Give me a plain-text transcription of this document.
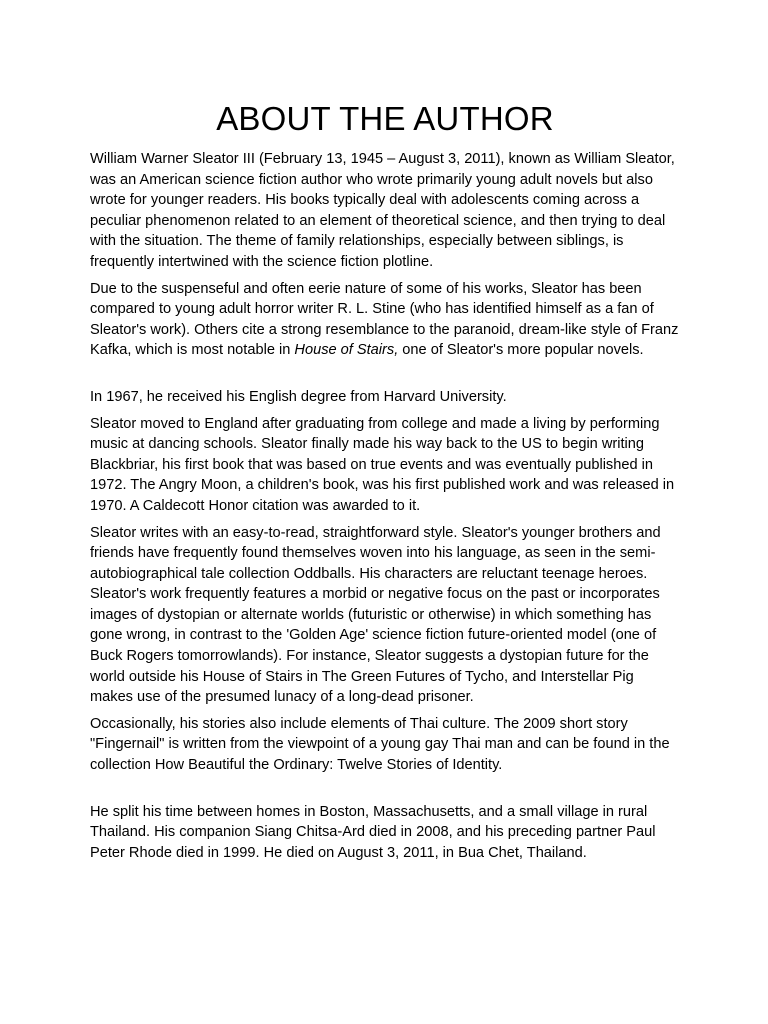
ABOUT THE AUTHOR

William Warner Sleator III (February 13, 1945 – August 3, 2011), known as William Sleator, was an American science fiction author who wrote primarily young adult novels but also wrote for younger readers. His books typically deal with adolescents coming across a peculiar phenomenon related to an element of theoretical science, and then trying to deal with the situation. The theme of family relationships, especially between siblings, is frequently intertwined with the science fiction plotline.

Due to the suspenseful and often eerie nature of some of his works, Sleator has been compared to young adult horror writer R. L. Stine (who has identified himself as a fan of Sleator's work). Others cite a strong resemblance to the paranoid, dream-like style of Franz Kafka, which is most notable in House of Stairs, one of Sleator's more popular novels.

In 1967, he received his English degree from Harvard University.

Sleator moved to England after graduating from college and made a living by performing music at dancing schools. Sleator finally made his way back to the US to begin writing Blackbriar, his first book that was based on true events and was eventually published in 1972. The Angry Moon, a children's book, was his first published work and was released in 1970. A Caldecott Honor citation was awarded to it.

Sleator writes with an easy-to-read, straightforward style. Sleator's younger brothers and friends have frequently found themselves woven into his language, as seen in the semi-autobiographical tale collection Oddballs. His characters are reluctant teenage heroes. Sleator's work frequently features a morbid or negative focus on the past or incorporates images of dystopian or alternate worlds (futuristic or otherwise) in which something has gone wrong, in contrast to the 'Golden Age' science fiction future-oriented model (one of Buck Rogers tomorrowlands). For instance, Sleator suggests a dystopian future for the world outside his House of Stairs in The Green Futures of Tycho, and Interstellar Pig makes use of the presumed lunacy of a long-dead prisoner.

Occasionally, his stories also include elements of Thai culture. The 2009 short story "Fingernail" is written from the viewpoint of a young gay Thai man and can be found in the collection How Beautiful the Ordinary: Twelve Stories of Identity.

He split his time between homes in Boston, Massachusetts, and a small village in rural Thailand. His companion Siang Chitsa-Ard died in 2008, and his preceding partner Paul Peter Rhode died in 1999. He died on August 3, 2011, in Bua Chet, Thailand.
